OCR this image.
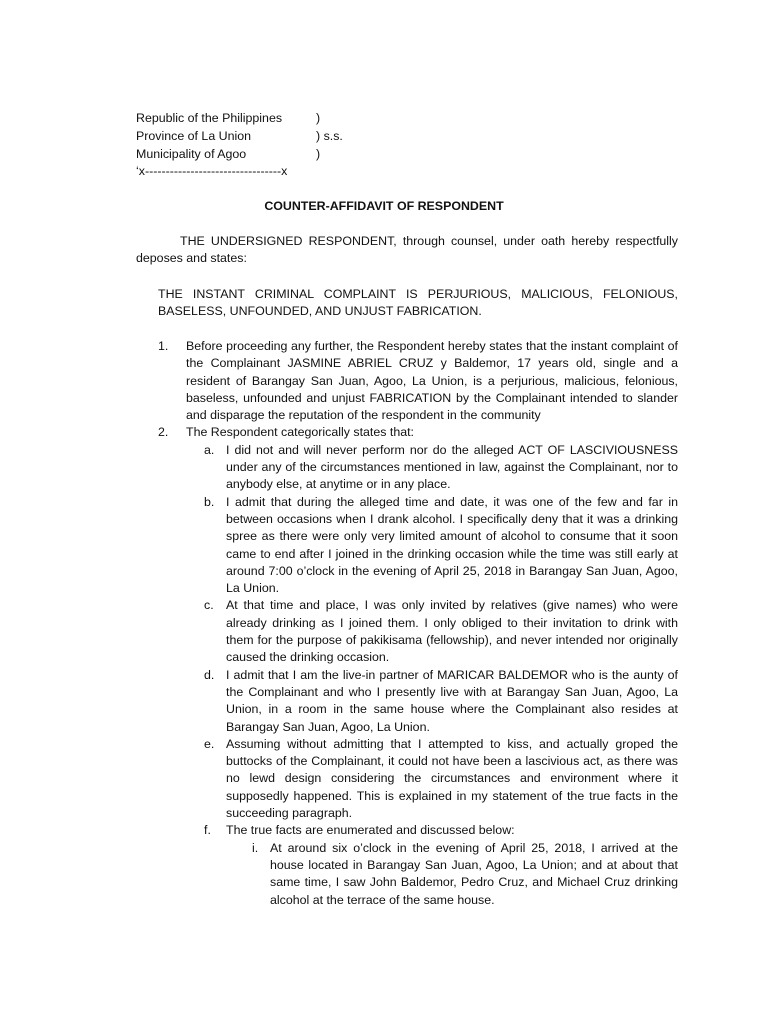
Republic of the Philippines	)
Province of La Union	) s.s.
Municipality of Agoo	)
‘x---------------------------------x
COUNTER-AFFIDAVIT OF RESPONDENT
THE UNDERSIGNED RESPONDENT, through counsel, under oath hereby respectfully deposes and states:
THE INSTANT CRIMINAL COMPLAINT IS PERJURIOUS, MALICIOUS, FELONIOUS, BASELESS, UNFOUNDED, AND UNJUST FABRICATION.
1. Before proceeding any further, the Respondent hereby states that the instant complaint of the Complainant JASMINE ABRIEL CRUZ y Baldemor, 17 years old, single and a resident of Barangay San Juan, Agoo, La Union, is a perjurious, malicious, felonious, baseless, unfounded and unjust FABRICATION by the Complainant intended to slander and disparage the reputation of the respondent in the community
2. The Respondent categorically states that:
a. I did not and will never perform nor do the alleged ACT OF LASCIVIOUSNESS under any of the circumstances mentioned in law, against the Complainant, nor to anybody else, at anytime or in any place.
b. I admit that during the alleged time and date, it was one of the few and far in between occasions when I drank alcohol. I specifically deny that it was a drinking spree as there were only very limited amount of alcohol to consume that it soon came to end after I joined in the drinking occasion while the time was still early at around 7:00 o’clock in the evening of April 25, 2018 in Barangay San Juan, Agoo, La Union.
c. At that time and place, I was only invited by relatives (give names) who were already drinking as I joined them. I only obliged to their invitation to drink with them for the purpose of pakikisama (fellowship), and never intended nor originally caused the drinking occasion.
d. I admit that I am the live-in partner of MARICAR BALDEMOR who is the aunty of the Complainant and who I presently live with at Barangay San Juan, Agoo, La Union, in a room in the same house where the Complainant also resides at Barangay San Juan, Agoo, La Union.
e. Assuming without admitting that I attempted to kiss, and actually groped the buttocks of the Complainant, it could not have been a lascivious act, as there was no lewd design considering the circumstances and environment where it supposedly happened. This is explained in my statement of the true facts in the succeeding paragraph.
f. The true facts are enumerated and discussed below:
i. At around six o’clock in the evening of April 25, 2018, I arrived at the house located in Barangay San Juan, Agoo, La Union; and at about that same time, I saw John Baldemor, Pedro Cruz, and Michael Cruz drinking alcohol at the terrace of the same house.
